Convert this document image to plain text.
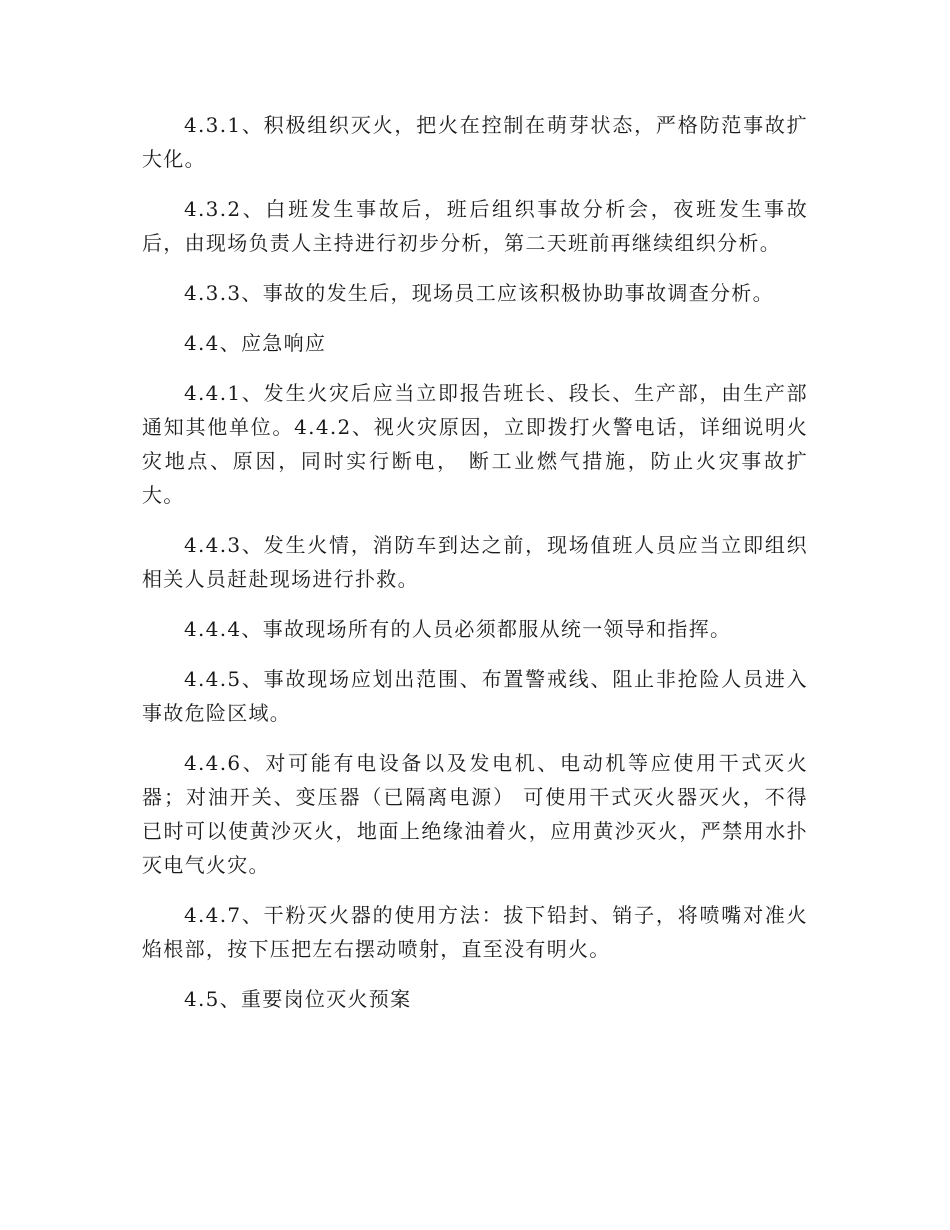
4.3.1、积极组织灭火，把火在控制在萌芽状态，严格防范事故扩大化。

4.3.2、白班发生事故后，班后组织事故分析会，夜班发生事故后，由现场负责人主持进行初步分析，第二天班前再继续组织分析。

4.3.3、事故的发生后，现场员工应该积极协助事故调查分析。

4.4、应急响应

4.4.1、发生火灾后应当立即报告班长、段长、生产部，由生产部通知其他单位。4.4.2、视火灾原因，立即拨打火警电话，详细说明火灾地点、原因，同时实行断电， 断工业燃气措施，防止火灾事故扩大。

4.4.3、发生火情，消防车到达之前，现场值班人员应当立即组织相关人员赶赴现场进行扑救。

4.4.4、事故现场所有的人员必须都服从统一领导和指挥。

4.4.5、事故现场应划出范围、布置警戒线、阻止非抢险人员进入事故危险区域。

4.4.6、对可能有电设备以及发电机、电动机等应使用干式灭火器；对油开关、变压器（已隔离电源） 可使用干式灭火器灭火，不得已时可以使黄沙灭火，地面上绝缘油着火，应用黄沙灭火，严禁用水扑灭电气火灾。

4.4.7、干粉灭火器的使用方法：拔下铅封、销子，将喷嘴对准火焰根部，按下压把左右摆动喷射，直至没有明火。

4.5、重要岗位灭火预案
